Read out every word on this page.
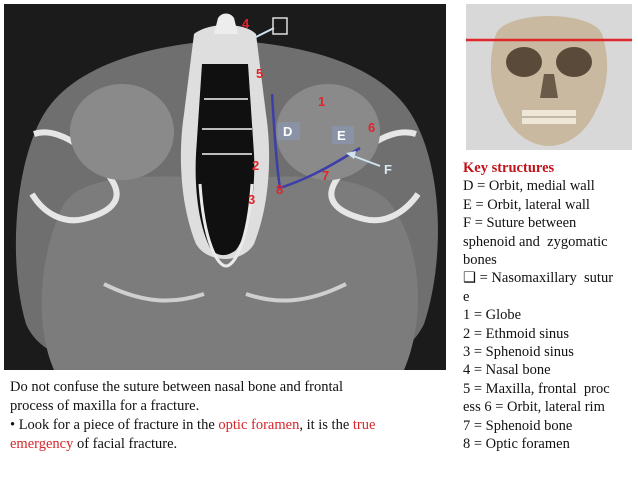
D	E
F
1
2
3
4
5
6
7
8
Key structures
D = Orbit, medial wall
E = Orbit, lateral wall
F = Suture between
sphenoid and  zygomatic
bones
❑ = Nasomaxillary  sutur
e
1 = Globe
2 = Ethmoid sinus
3 = Sphenoid sinus
4 = Nasal bone
5 = Maxilla, frontal  proc
ess 6 = Orbit, lateral rim
7 = Sphenoid bone
8 = Optic foramen
Do not confuse the suture between nasal bone and frontal
process of maxilla for a fracture.
• Look for a piece of fracture in the optic foramen, it is the true
emergency of facial fracture.
